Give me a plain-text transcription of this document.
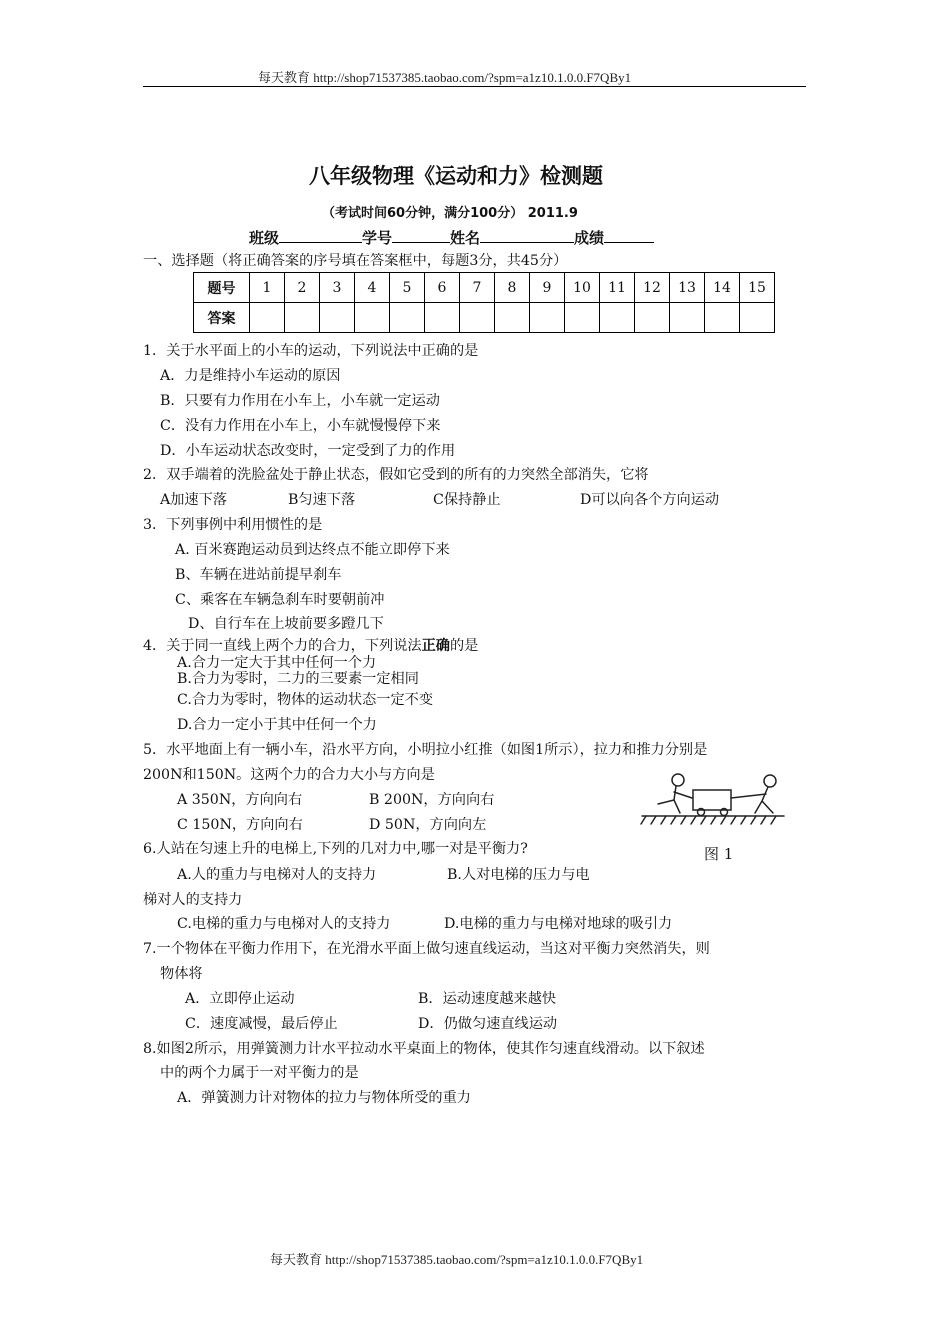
每天教育 http://shop71537385.taobao.com/?spm=a1z10.1.0.0.F7QBy1
八年级物理《运动和力》检测题
（考试时间60分钟，满分100分） 2011.9
班级	学号	姓名	成绩
一、选择题（将正确答案的序号填在答案框中，每题3分，共45分）
题号	1	2	3	4	5	6	7	8	9	10	11	12	13	14	15
答案															
1．关于水平面上的小车的运动，下列说法中正确的是
A．力是维持小车运动的原因
B．只要有力作用在小车上，小车就一定运动
C．没有力作用在小车上，小车就慢慢停下来
D．小车运动状态改变时，一定受到了力的作用
2．双手端着的洗脸盆处于静止状态，假如它受到的所有的力突然全部消失，它将
A加速下落	B匀速下落	C保持静止	D可以向各个方向运动
3．下列事例中利用惯性的是
A. 百米赛跑运动员到达终点不能立即停下来
B、车辆在进站前提早刹车
C、乘客在车辆急刹车时要朝前冲
D、自行车在上坡前要多蹬几下
4．关于同一直线上两个力的合力，下列说法正确的是
A.合力一定大于其中任何一个力
B.合力为零时，二力的三要素一定相同
C.合力为零时，物体的运动状态一定不变
D.合力一定小于其中任何一个力
5．水平地面上有一辆小车，沿水平方向，小明拉小红推（如图1所示），拉力和推力分别是
200N和150N。这两个力的合力大小与方向是
A 350N，方向向右	B 200N，方向向右
C 150N，方向向右	D 50N，方向向左
图 1
6.人站在匀速上升的电梯上,下列的几对力中,哪一对是平衡力?
A.人的重力与电梯对人的支持力	B.人对电梯的压力与电
梯对人的支持力
C.电梯的重力与电梯对人的支持力	D.电梯的重力与电梯对地球的吸引力
7.一个物体在平衡力作用下，在光滑水平面上做匀速直线运动，当这对平衡力突然消失，则
物体将
A．立即停止运动	B．运动速度越来越快
C．速度减慢，最后停止	D．仍做匀速直线运动
8.如图2所示，用弹簧测力计水平拉动水平桌面上的物体，使其作匀速直线滑动。以下叙述
中的两个力属于一对平衡力的是
A．弹簧测力计对物体的拉力与物体所受的重力
每天教育 http://shop71537385.taobao.com/?spm=a1z10.1.0.0.F7QBy1
